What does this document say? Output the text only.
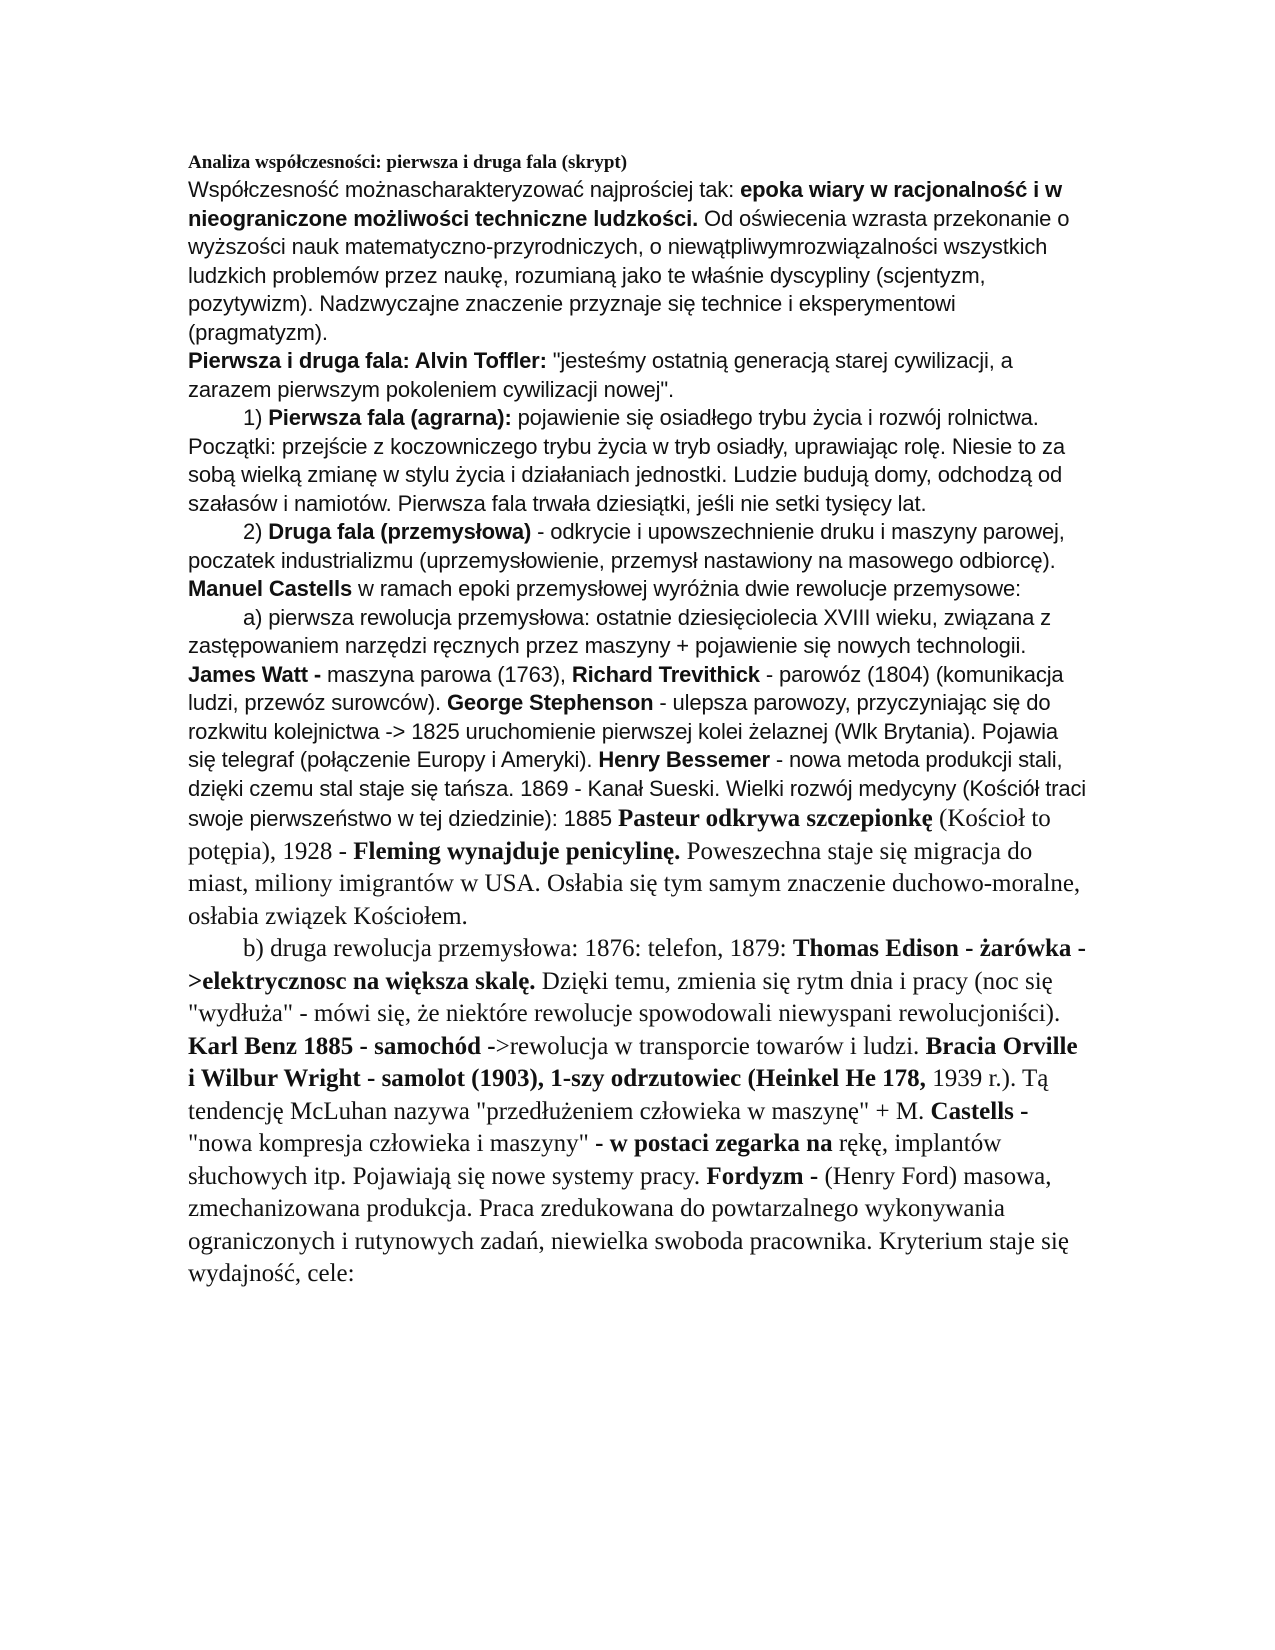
Analiza współczesności: pierwsza i druga fala (skrypt)

Współczesność możnascharakteryzować najprościej tak: epoka wiary w racjonalność i w nieograniczone możliwości techniczne ludzkości. Od oświecenia wzrasta przekonanie o wyższości nauk matematyczno-przyrodniczych, o niewątpliwymrozwiązalności wszystkich ludzkich problemów przez naukę, rozumianą jako te właśnie dyscypliny (scjentyzm, pozytywizm). Nadzwyczajne znaczenie przyznaje się technice i eksperymentowi (pragmatyzm).

Pierwsza i druga fala: Alvin Toffler: "jesteśmy ostatnią generacją starej cywilizacji, a zarazem pierwszym pokoleniem cywilizacji nowej".

1) Pierwsza fala (agrarna): pojawienie się osiadłego trybu życia i rozwój rolnictwa. Początki: przejście z koczowniczego trybu życia w tryb osiadły, uprawiając rolę. Niesie to za sobą wielką zmianę w stylu życia i działaniach jednostki. Ludzie budują domy, odchodzą od szałasów i namiotów. Pierwsza fala trwała dziesiątki, jeśli nie setki tysięcy lat.

2) Druga fala (przemysłowa) - odkrycie i upowszechnienie druku i maszyny parowej, poczatek industrializmu (uprzemysłowienie, przemysł nastawiony na masowego odbiorcę). Manuel Castells w ramach epoki przemysłowej wyróżnia dwie rewolucje przemysowe:

a) pierwsza rewolucja przemysłowa: ostatnie dziesięciolecia XVIII wieku, związana z zastępowaniem narzędzi ręcznych przez maszyny + pojawienie się nowych technologii. James Watt - maszyna parowa (1763), Richard Trevithick - parowóz (1804) (komunikacja ludzi, przewóz surowców). George Stephenson - ulepsza parowozy, przyczyniając się do rozkwitu kolejnictwa -> 1825 uruchomienie pierwszej kolei żelaznej (Wlk Brytania). Pojawia się telegraf (połączenie Europy i Ameryki). Henry Bessemer - nowa metoda produkcji stali, dzięki czemu stal staje się tańsza. 1869 - Kanał Sueski. Wielki rozwój medycyny (Kościół traci swoje pierwszeństwo w tej dziedzinie): 1885 Pasteur odkrywa szczepionkę (Kościoł to potępia), 1928 - Fleming wynajduje penicylinę. Poweszechna staje się migracja do miast, miliony imigrantów w USA. Osłabia się tym samym znaczenie duchowo-moralne, osłabia związek Kościołem.

b) druga rewolucja przemysłowa: 1876: telefon, 1879: Thomas Edison - żarówka ->elektrycznosc na większa skalę. Dzięki temu, zmienia się rytm dnia i pracy (noc się "wydłuża" - mówi się, że niektóre rewolucje spowodowali niewyspani rewolucjoniści). Karl Benz 1885 - samochód ->rewolucja w transporcie towarów i ludzi. Bracia Orville i Wilbur Wright - samolot (1903), 1-szy odrzutowiec (Heinkel He 178, 1939 r.). Tą tendencję McLuhan nazywa "przedłużeniem człowieka w maszynę" + M. Castells - "nowa kompresja człowieka i maszyny" - w postaci zegarka na rękę, implantów słuchowych itp. Pojawiają się nowe systemy pracy. Fordyzm - (Henry Ford) masowa, zmechanizowana produkcja. Praca zredukowana do powtarzalnego wykonywania ograniczonych i rutynowych zadań, niewielka swoboda pracownika. Kryterium staje się wydajność, cele:
